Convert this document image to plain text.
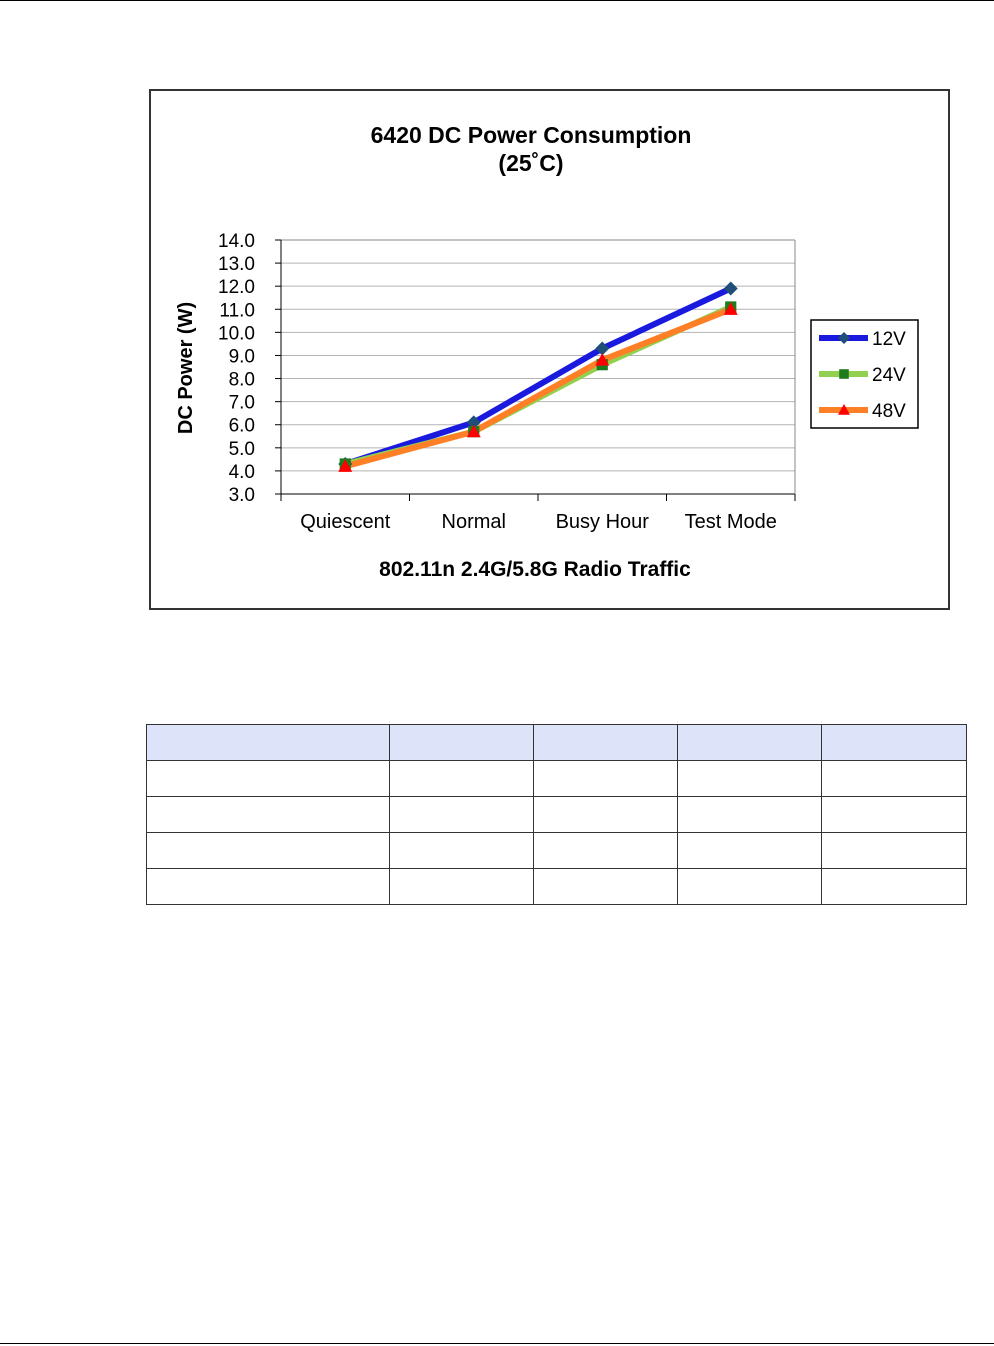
6420 DC Power Consumption
(25˚C)
3.0
4.0
5.0
6.0
7.0
8.0
9.0
10.0
11.0
12.0
13.0
14.0
Quiescent	Normal Busy Hour Test Mode
802.11n 2.4G/5.8G Radio Traffic
DC Power (W)	12V
24V
48V
